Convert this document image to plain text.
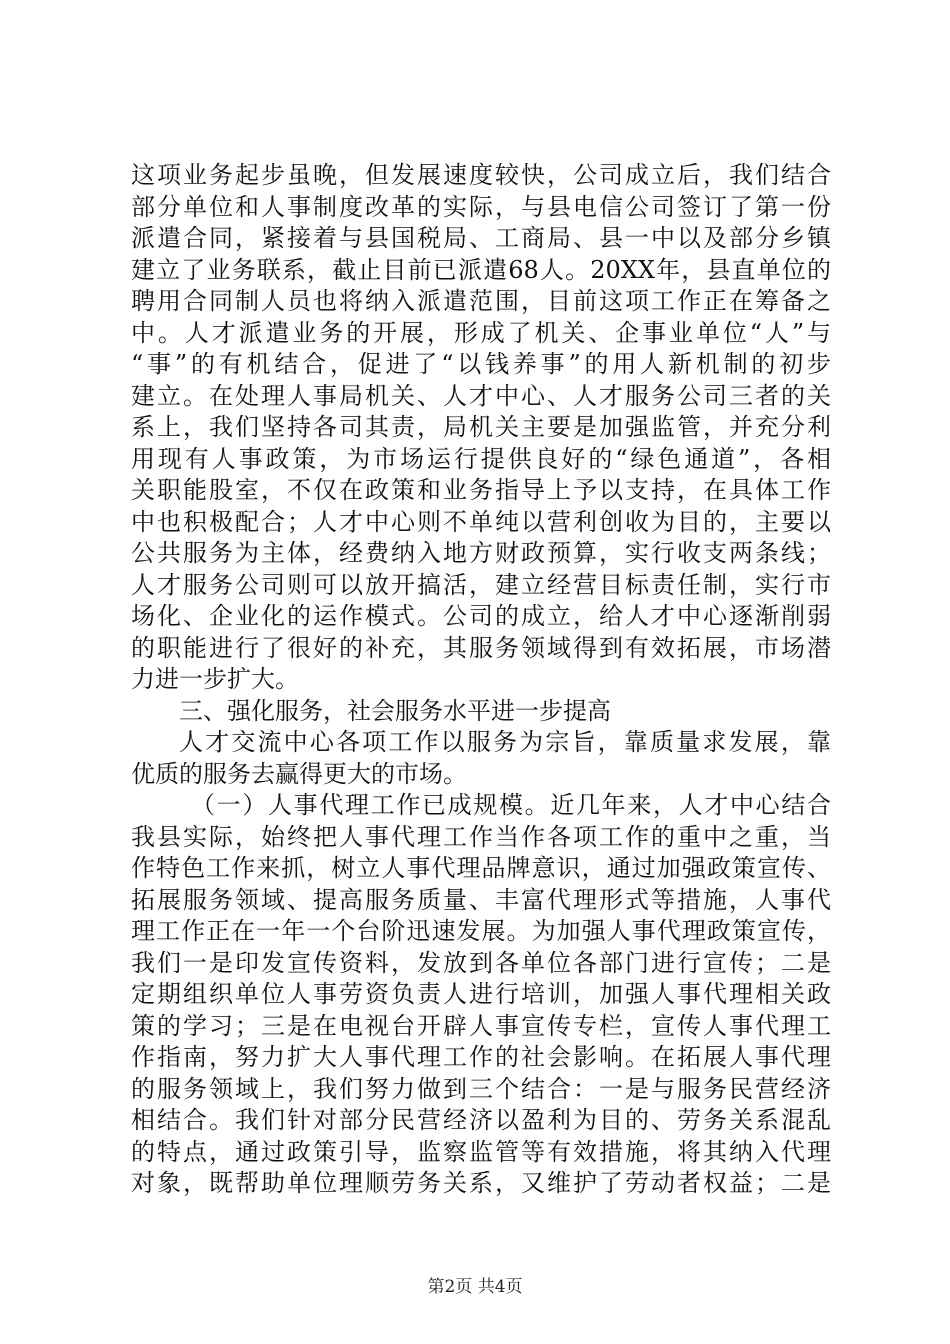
这项业务起步虽晚，但发展速度较快，公司成立后，我们结合
部分单位和人事制度改革的实际，与县电信公司签订了第一份
派遣合同，紧接着与县国税局、工商局、县一中以及部分乡镇
建立了业务联系，截止目前已派遣68人。20XX年，县直单位的
聘用合同制人员也将纳入派遣范围，目前这项工作正在筹备之
中。人才派遣业务的开展，形成了机关、企事业单位“人”与
“事”的有机结合，促进了“以钱养事”的用人新机制的初步
建立。在处理人事局机关、人才中心、人才服务公司三者的关
系上，我们坚持各司其责，局机关主要是加强监管，并充分利
用现有人事政策，为市场运行提供良好的“绿色通道”，各相
关职能股室，不仅在政策和业务指导上予以支持，在具体工作
中也积极配合；人才中心则不单纯以营利创收为目的，主要以
公共服务为主体，经费纳入地方财政预算，实行收支两条线；
人才服务公司则可以放开搞活，建立经营目标责任制，实行市
场化、企业化的运作模式。公司的成立，给人才中心逐渐削弱
的职能进行了很好的补充，其服务领域得到有效拓展，市场潜
力进一步扩大。
三、强化服务，社会服务水平进一步提高
人才交流中心各项工作以服务为宗旨，靠质量求发展，靠
优质的服务去赢得更大的市场。
（一）人事代理工作已成规模。近几年来，人才中心结合
我县实际，始终把人事代理工作当作各项工作的重中之重，当
作特色工作来抓，树立人事代理品牌意识，通过加强政策宣传、
拓展服务领域、提高服务质量、丰富代理形式等措施，人事代
理工作正在一年一个台阶迅速发展。为加强人事代理政策宣传，
我们一是印发宣传资料，发放到各单位各部门进行宣传；二是
定期组织单位人事劳资负责人进行培训，加强人事代理相关政
策的学习；三是在电视台开辟人事宣传专栏，宣传人事代理工
作指南，努力扩大人事代理工作的社会影响。在拓展人事代理
的服务领域上，我们努力做到三个结合：一是与服务民营经济
相结合。我们针对部分民营经济以盈利为目的、劳务关系混乱
的特点，通过政策引导，监察监管等有效措施，将其纳入代理
对象，既帮助单位理顺劳务关系，又维护了劳动者权益；二是
第2页 共4页
